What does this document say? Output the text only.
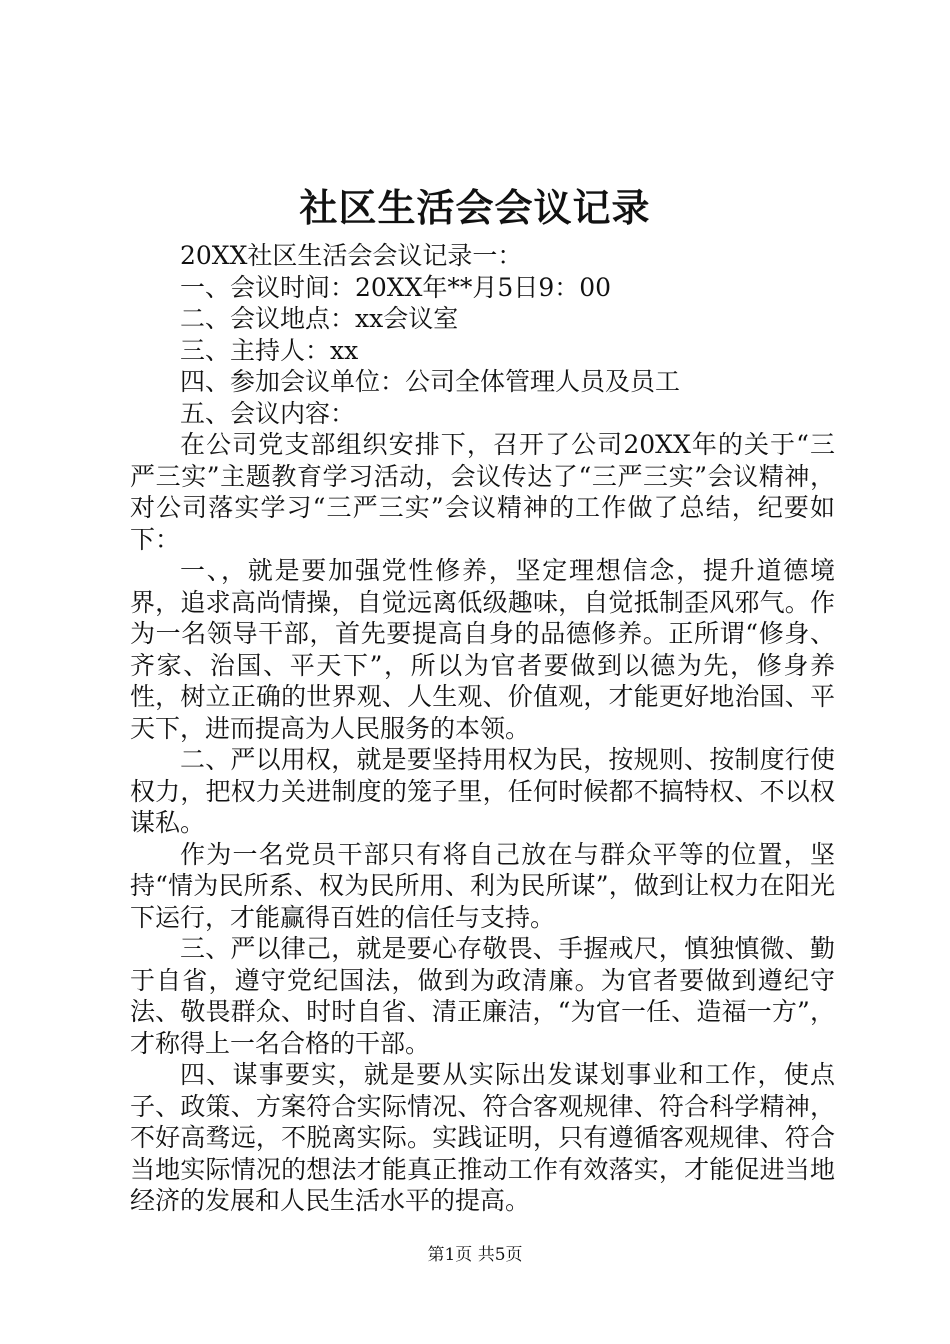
社区生活会会议记录

20XX社区生活会会议记录一：

一、会议时间：20XX年**月5日9：00

二、会议地点：xx会议室

三、主持人：xx

四、参加会议单位：公司全体管理人员及员工

五、会议内容：

在公司党支部组织安排下，召开了公司20XX年的关于“三严三实”主题教育学习活动，会议传达了“三严三实”会议精神，对公司落实学习“三严三实”会议精神的工作做了总结，纪要如下：

一、，就是要加强党性修养，坚定理想信念，提升道德境界，追求高尚情操，自觉远离低级趣味，自觉抵制歪风邪气。作为一名领导干部，首先要提高自身的品德修养。正所谓“修身、齐家、治国、平天下”，所以为官者要做到以德为先，修身养性，树立正确的世界观、人生观、价值观，才能更好地治国、平天下，进而提高为人民服务的本领。

二、严以用权，就是要坚持用权为民，按规则、按制度行使权力，把权力关进制度的笼子里，任何时候都不搞特权、不以权谋私。

作为一名党员干部只有将自己放在与群众平等的位置，坚持“情为民所系、权为民所用、利为民所谋”，做到让权力在阳光下运行，才能赢得百姓的信任与支持。

三、严以律己，就是要心存敬畏、手握戒尺，慎独慎微、勤于自省，遵守党纪国法，做到为政清廉。为官者要做到遵纪守法、敬畏群众、时时自省、清正廉洁，“为官一任、造福一方”，才称得上一名合格的干部。

四、谋事要实，就是要从实际出发谋划事业和工作，使点子、政策、方案符合实际情况、符合客观规律、符合科学精神，不好高骛远，不脱离实际。实践证明，只有遵循客观规律、符合当地实际情况的想法才能真正推动工作有效落实，才能促进当地经济的发展和人民生活水平的提高。

第1页 共5页
